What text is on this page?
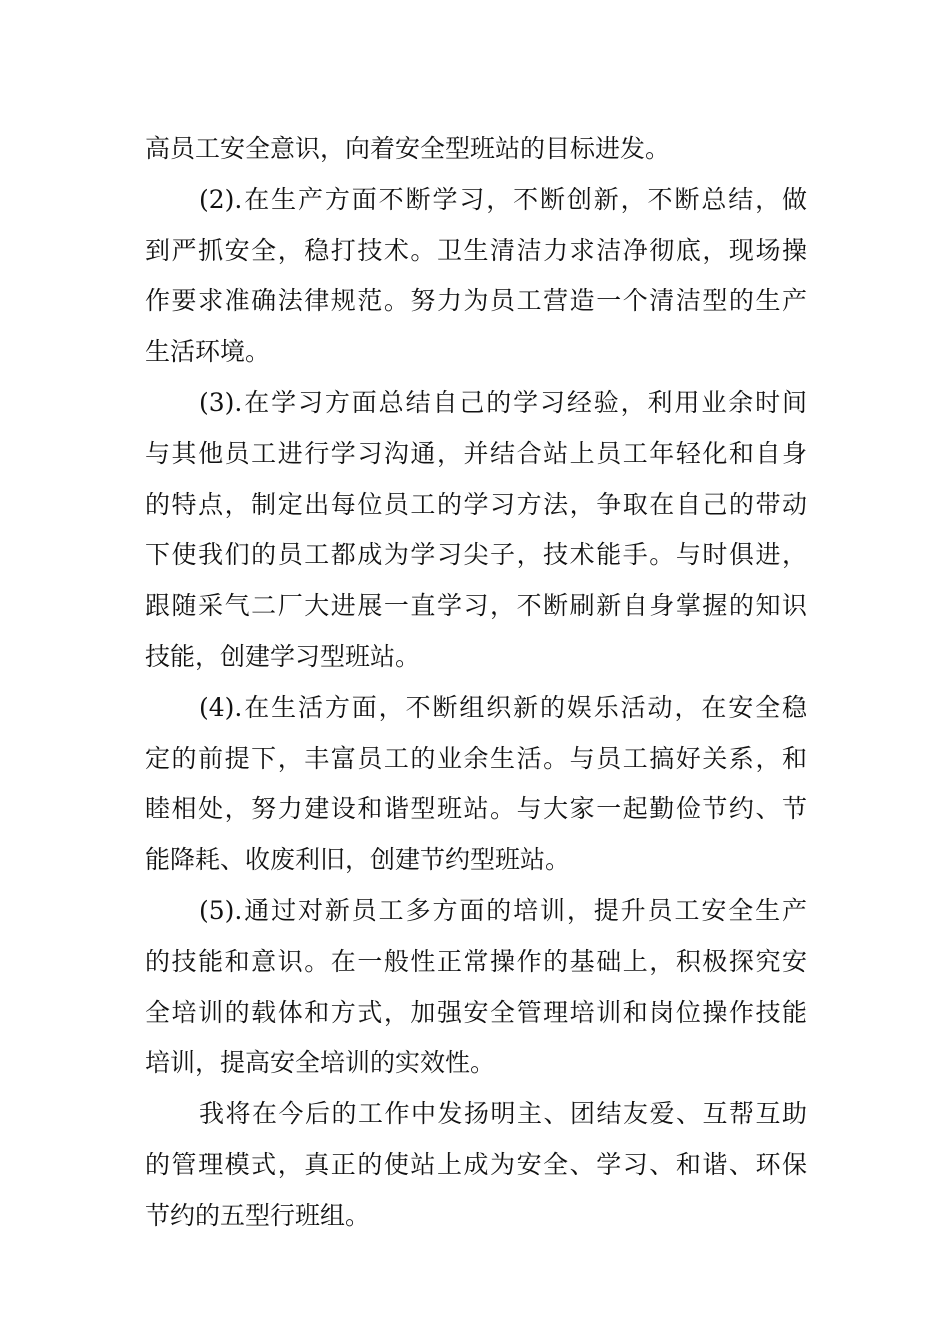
高员工安全意识，向着安全型班站的目标进发。
(2).在生产方面不断学习，不断创新，不断总结，做
到严抓安全，稳打技术。卫生清洁力求洁净彻底，现场操
作要求准确法律规范。努力为员工营造一个清洁型的生产
生活环境。
(3).在学习方面总结自己的学习经验，利用业余时间
与其他员工进行学习沟通，并结合站上员工年轻化和自身
的特点，制定出每位员工的学习方法，争取在自己的带动
下使我们的员工都成为学习尖子，技术能手。与时俱进，
跟随采气二厂大进展一直学习，不断刷新自身掌握的知识
技能，创建学习型班站。
(4).在生活方面，不断组织新的娱乐活动，在安全稳
定的前提下，丰富员工的业余生活。与员工搞好关系，和
睦相处，努力建设和谐型班站。与大家一起勤俭节约、节
能降耗、收废利旧，创建节约型班站。
(5).通过对新员工多方面的培训，提升员工安全生产
的技能和意识。在一般性正常操作的基础上，积极探究安
全培训的载体和方式，加强安全管理培训和岗位操作技能
培训，提高安全培训的实效性。
我将在今后的工作中发扬明主、团结友爱、互帮互助
的管理模式，真正的使站上成为安全、学习、和谐、环保
节约的五型行班组。
